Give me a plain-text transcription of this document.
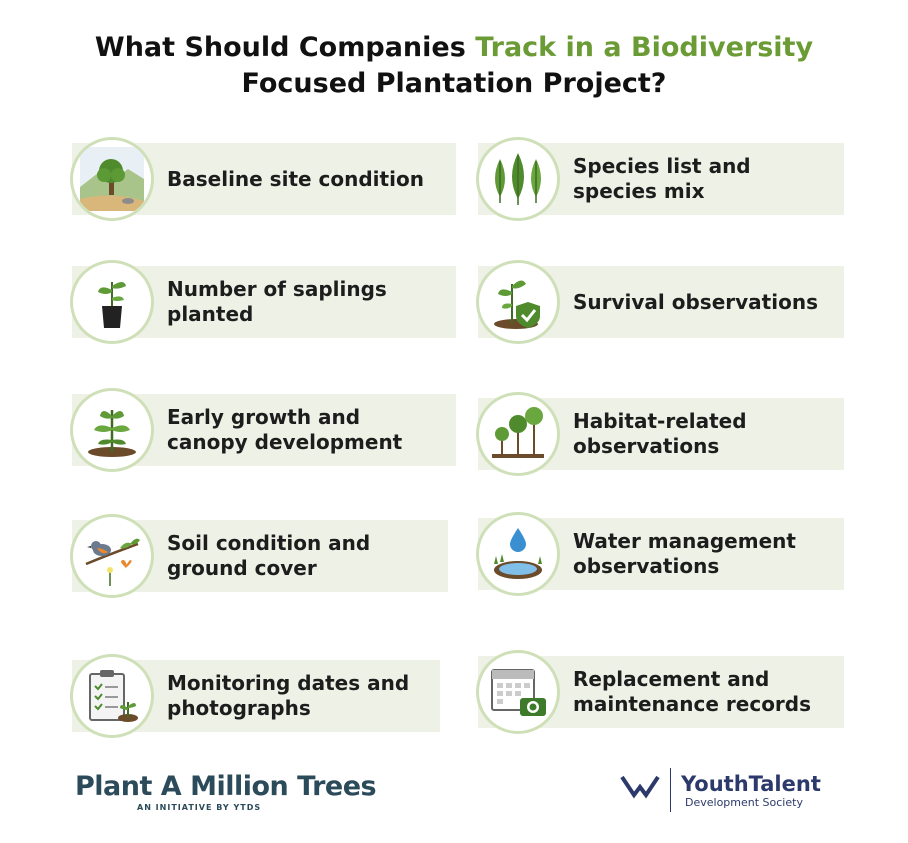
What Should Companies Track in a Biodiversity
Focused Plantation Project?
Baseline site condition
Species list and species mix
Number of saplings planted
Survival observations
Early growth and canopy development
Habitat-related observations
Soil condition and ground cover
Water management observations
Monitoring dates and photographs
Replacement and maintenance records
Plant A Million Trees
AN INITIATIVE BY YTDS
YouthTalent
Development Society
